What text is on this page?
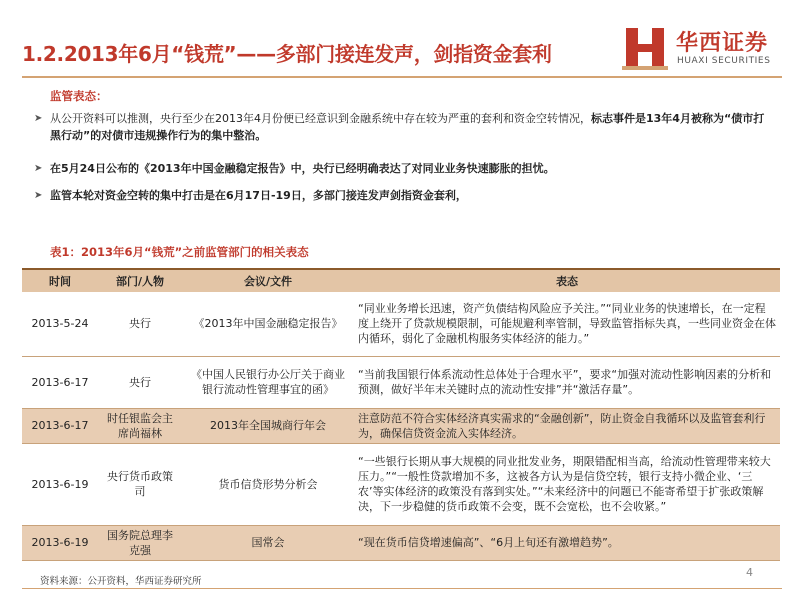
1.2.2013年6月“钱荒”——多部门接连发声，剑指资金套利	华西证券
HUAXI SECURITIES
监管表态：
➤ 从公开资料可以推测，央行至少在2013年4月份便已经意识到金融系统中存在较为严重的套利和资金空转情况，标志事件是13年4月被称为“债市打黑行动”的对债市违规操作行为的集中整治。
➤ 在5月24日公布的《2013年中国金融稳定报告》中，央行已经明确表达了对同业业务快速膨胀的担忧。
➤ 监管本轮对资金空转的集中打击是在6月17日-19日，多部门接连发声剑指资金套利，
表1：2013年6月“钱荒”之前监管部门的相关表态
时间	部门/人物	会议/文件	表态
2013-5-24	央行	《2013年中国金融稳定报告》	“同业业务增长迅速，资产负债结构风险应予关注。”“同业业务的快速增长，在一定程度上绕开了贷款规模限制，可能规避利率管制，导致监管指标失真，一些同业资金在体内循环，弱化了金融机构服务实体经济的能力。”
2013-6-17	央行	《中国人民银行办公厅关于商业银行流动性管理事宜的函》	“当前我国银行体系流动性总体处于合理水平”，要求“加强对流动性影响因素的分析和预测，做好半年末关键时点的流动性安排”并“激活存量”。
2013-6-17	时任银监会主席尚福林	2013年全国城商行年会	注意防范不符合实体经济真实需求的“金融创新”，防止资金自我循环以及监管套利行为，确保信贷资金流入实体经济。
2013-6-19	央行货币政策司	货币信贷形势分析会	“一些银行长期从事大规模的同业批发业务，期限错配相当高，给流动性管理带来较大压力。”“一般性贷款增加不多，这被各方认为是信贷空转，银行支持小微企业、‘三农’等实体经济的政策没有落到实处。”“未来经济中的问题已不能寄希望于扩张政策解决，下一步稳健的货币政策不会变，既不会宽松，也不会收紧。”
2013-6-19	国务院总理李克强	国常会	“现在货币信贷增速偏高”、“6月上旬还有激增趋势”。
资料来源：公开资料，华西证券研究所
4
